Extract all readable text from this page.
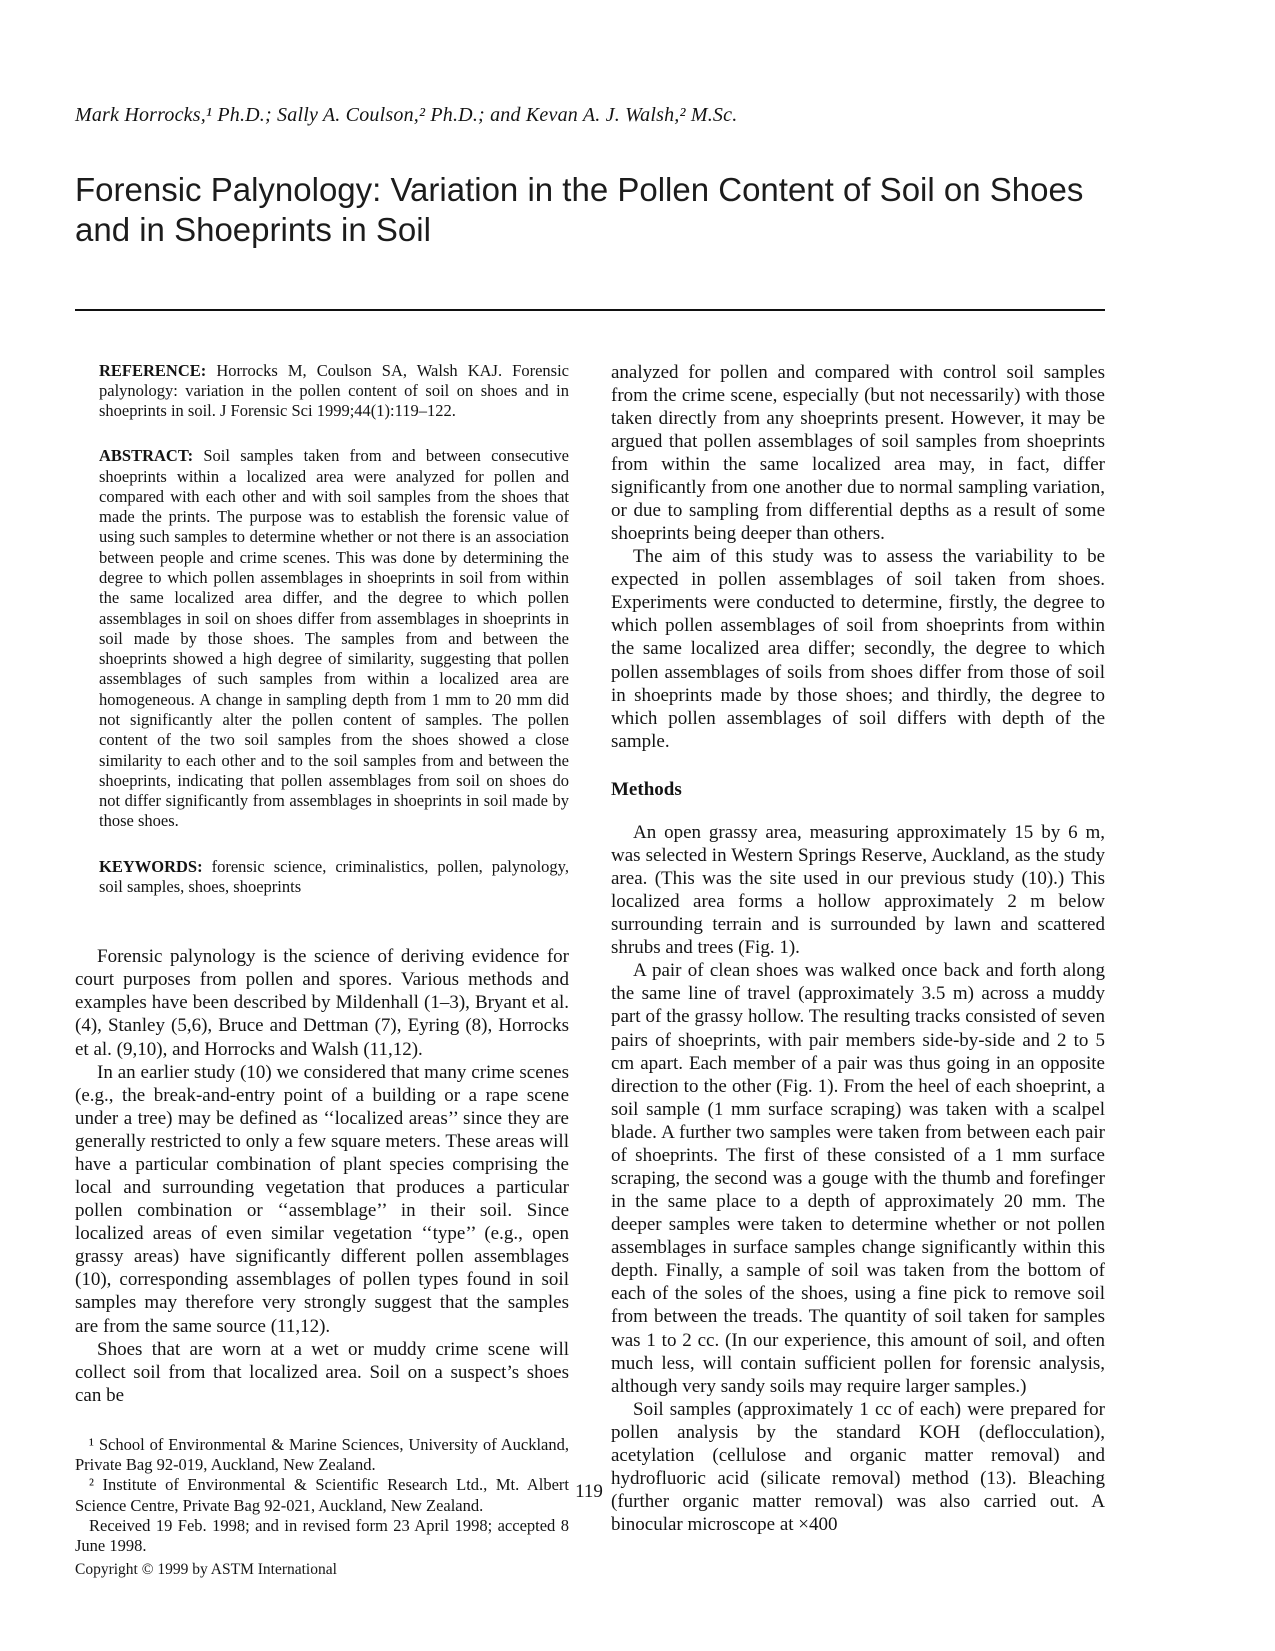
Mark Horrocks,¹ Ph.D.; Sally A. Coulson,² Ph.D.; and Kevan A. J. Walsh,² M.Sc.

Forensic Palynology: Variation in the Pollen Content of Soil on Shoes and in Shoeprints in Soil

REFERENCE: Horrocks M, Coulson SA, Walsh KAJ. Forensic palynology: variation in the pollen content of soil on shoes and in shoeprints in soil. J Forensic Sci 1999;44(1):119–122.

ABSTRACT: Soil samples taken from and between consecutive shoeprints within a localized area were analyzed for pollen and compared with each other and with soil samples from the shoes that made the prints. The purpose was to establish the forensic value of using such samples to determine whether or not there is an association between people and crime scenes. This was done by determining the degree to which pollen assemblages in shoeprints in soil from within the same localized area differ, and the degree to which pollen assemblages in soil on shoes differ from assemblages in shoeprints in soil made by those shoes. The samples from and between the shoeprints showed a high degree of similarity, suggesting that pollen assemblages of such samples from within a localized area are homogeneous. A change in sampling depth from 1 mm to 20 mm did not significantly alter the pollen content of samples. The pollen content of the two soil samples from the shoes showed a close similarity to each other and to the soil samples from and between the shoeprints, indicating that pollen assemblages from soil on shoes do not differ significantly from assemblages in shoeprints in soil made by those shoes.

KEYWORDS: forensic science, criminalistics, pollen, palynology, soil samples, shoes, shoeprints

Forensic palynology is the science of deriving evidence for court purposes from pollen and spores. Various methods and examples have been described by Mildenhall (1–3), Bryant et al. (4), Stanley (5,6), Bruce and Dettman (7), Eyring (8), Horrocks et al. (9,10), and Horrocks and Walsh (11,12).

In an earlier study (10) we considered that many crime scenes (e.g., the break-and-entry point of a building or a rape scene under a tree) may be defined as ‘‘localized areas’’ since they are generally restricted to only a few square meters. These areas will have a particular combination of plant species comprising the local and surrounding vegetation that produces a particular pollen combination or ‘‘assemblage’’ in their soil. Since localized areas of even similar vegetation ‘‘type’’ (e.g., open grassy areas) have significantly different pollen assemblages (10), corresponding assemblages of pollen types found in soil samples may therefore very strongly suggest that the samples are from the same source (11,12).

Shoes that are worn at a wet or muddy crime scene will collect soil from that localized area. Soil on a suspect’s shoes can be

¹ School of Environmental & Marine Sciences, University of Auckland, Private Bag 92-019, Auckland, New Zealand.

² Institute of Environmental & Scientific Research Ltd., Mt. Albert Science Centre, Private Bag 92-021, Auckland, New Zealand.

Received 19 Feb. 1998; and in revised form 23 April 1998; accepted 8 June 1998.

analyzed for pollen and compared with control soil samples from the crime scene, especially (but not necessarily) with those taken directly from any shoeprints present. However, it may be argued that pollen assemblages of soil samples from shoeprints from within the same localized area may, in fact, differ significantly from one another due to normal sampling variation, or due to sampling from differential depths as a result of some shoeprints being deeper than others.

The aim of this study was to assess the variability to be expected in pollen assemblages of soil taken from shoes. Experiments were conducted to determine, firstly, the degree to which pollen assemblages of soil from shoeprints from within the same localized area differ; secondly, the degree to which pollen assemblages of soils from shoes differ from those of soil in shoeprints made by those shoes; and thirdly, the degree to which pollen assemblages of soil differs with depth of the sample.

Methods

An open grassy area, measuring approximately 15 by 6 m, was selected in Western Springs Reserve, Auckland, as the study area. (This was the site used in our previous study (10).) This localized area forms a hollow approximately 2 m below surrounding terrain and is surrounded by lawn and scattered shrubs and trees (Fig. 1).

A pair of clean shoes was walked once back and forth along the same line of travel (approximately 3.5 m) across a muddy part of the grassy hollow. The resulting tracks consisted of seven pairs of shoeprints, with pair members side-by-side and 2 to 5 cm apart. Each member of a pair was thus going in an opposite direction to the other (Fig. 1). From the heel of each shoeprint, a soil sample (1 mm surface scraping) was taken with a scalpel blade. A further two samples were taken from between each pair of shoeprints. The first of these consisted of a 1 mm surface scraping, the second was a gouge with the thumb and forefinger in the same place to a depth of approximately 20 mm. The deeper samples were taken to determine whether or not pollen assemblages in surface samples change significantly within this depth. Finally, a sample of soil was taken from the bottom of each of the soles of the shoes, using a fine pick to remove soil from between the treads. The quantity of soil taken for samples was 1 to 2 cc. (In our experience, this amount of soil, and often much less, will contain sufficient pollen for forensic analysis, although very sandy soils may require larger samples.)

Soil samples (approximately 1 cc of each) were prepared for pollen analysis by the standard KOH (deflocculation), acetylation (cellulose and organic matter removal) and hydrofluoric acid (silicate removal) method (13). Bleaching (further organic matter removal) was also carried out. A binocular microscope at ×400

119
Copyright © 1999 by ASTM International
